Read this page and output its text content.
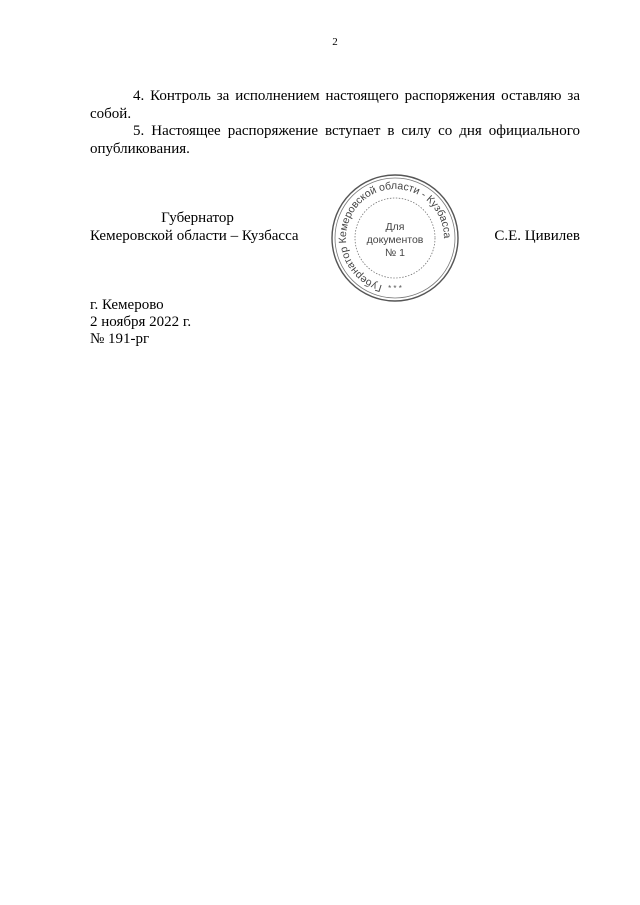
2
4. Контроль за исполнением настоящего распоряжения оставляю за собой.
5. Настоящее распоряжение вступает в силу со дня официального опубликования.
Губернатор
Кемеровской области – Кузбасса	С.Е. Цивилев
Губернатор Кемеровской области - Кузбасса
* * *
Для
документов
№ 1
г. Кемерово
2 ноября 2022 г.
№ 191-рг
